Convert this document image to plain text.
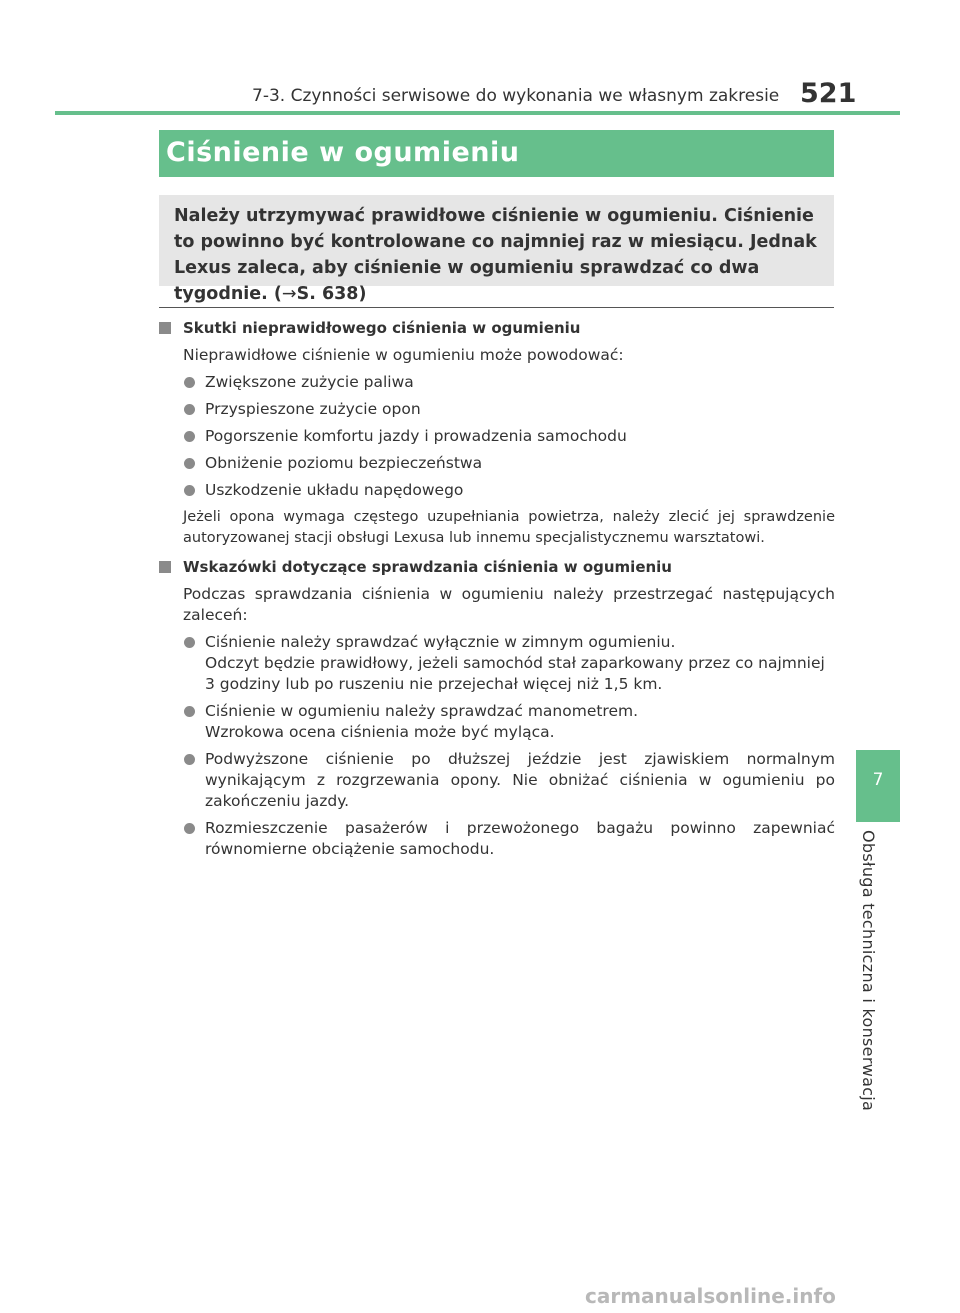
7-3. Czynności serwisowe do wykonania we własnym zakresie 521
Ciśnienie w ogumieniu
Należy utrzymywać prawidłowe ciśnienie w ogumieniu. Ciśnienie to powinno być kontrolowane co najmniej raz w miesiącu. Jednak Lexus zaleca, aby ciśnienie w ogumieniu sprawdzać co dwa tygodnie. (→S. 638)
Skutki nieprawidłowego ciśnienia w ogumieniu
Nieprawidłowe ciśnienie w ogumieniu może powodować:
Zwiększone zużycie paliwa
Przyspieszone zużycie opon
Pogorszenie komfortu jazdy i prowadzenia samochodu
Obniżenie poziomu bezpieczeństwa
Uszkodzenie układu napędowego
Jeżeli opona wymaga częstego uzupełniania powietrza, należy zlecić jej sprawdzenie autoryzowanej stacji obsługi Lexusa lub innemu specjalistycznemu warsztatowi.
Wskazówki dotyczące sprawdzania ciśnienia w ogumieniu
Podczas sprawdzania ciśnienia w ogumieniu należy przestrzegać następujących zaleceń:
Ciśnienie należy sprawdzać wyłącznie w zimnym ogumieniu.
Odczyt będzie prawidłowy, jeżeli samochód stał zaparkowany przez co najmniej 3 godziny lub po ruszeniu nie przejechał więcej niż 1,5 km.
Ciśnienie w ogumieniu należy sprawdzać manometrem.
Wzrokowa ocena ciśnienia może być myląca.
Podwyższone ciśnienie po dłuższej jeździe jest zjawiskiem normalnym wynikającym z rozgrzewania opony. Nie obniżać ciśnienia w ogumieniu po zakończeniu jazdy.
Rozmieszczenie pasażerów i przewożonego bagażu powinno zapewniać równomierne obciążenie samochodu.
7
Obsługa techniczna i konserwacja
carmanualsonline.info
